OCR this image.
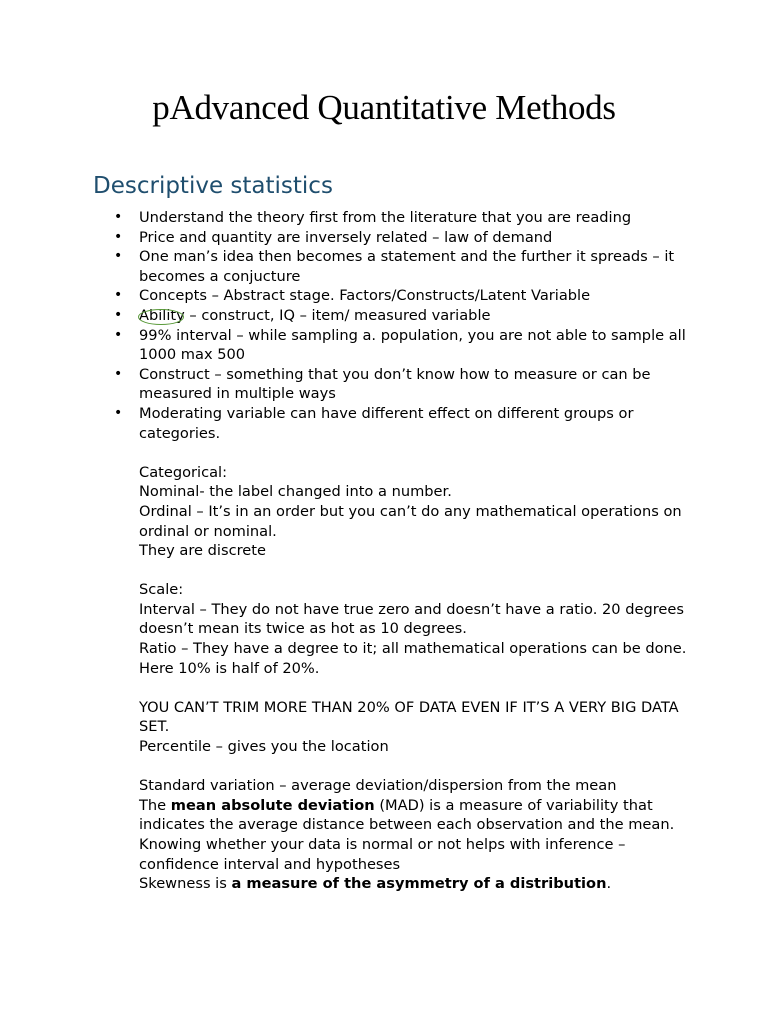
pAdvanced Quantitative Methods
Descriptive statistics
• Understand the theory first from the literature that you are reading
• Price and quantity are inversely related – law of demand
• One man’s idea then becomes a statement and the further it spreads – it becomes a conjucture
• Concepts – Abstract stage. Factors/Constructs/Latent Variable
• Ability
– construct, IQ – item/ measured variable
• 99% interval – while sampling a. population, you are not able to sample all 1000 max 500
• Construct – something that you don’t know how to measure or can be measured in multiple ways
• Moderating variable can have different effect on different groups or categories.

Categorical:

Nominal- the label changed into a number.

Ordinal – It’s in an order but you can’t do any mathematical operations on ordinal or nominal.

They are discrete

Scale:

Interval – They do not have true zero and doesn’t have a ratio. 20 degrees doesn’t mean its twice as hot as 10 degrees.

Ratio – They have a degree to it; all mathematical operations can be done. Here 10% is half of 20%.

YOU CAN’T TRIM MORE THAN 20% OF DATA EVEN IF IT’S A VERY BIG DATA SET.

Percentile – gives you the location

Standard variation – average deviation/dispersion from the mean

The mean absolute deviation (MAD) is a measure of variability that indicates the average distance between each observation and the mean.

Knowing whether your data is normal or not helps with inference – confidence interval and hypotheses

Skewness is a measure of the asymmetry of a distribution.
